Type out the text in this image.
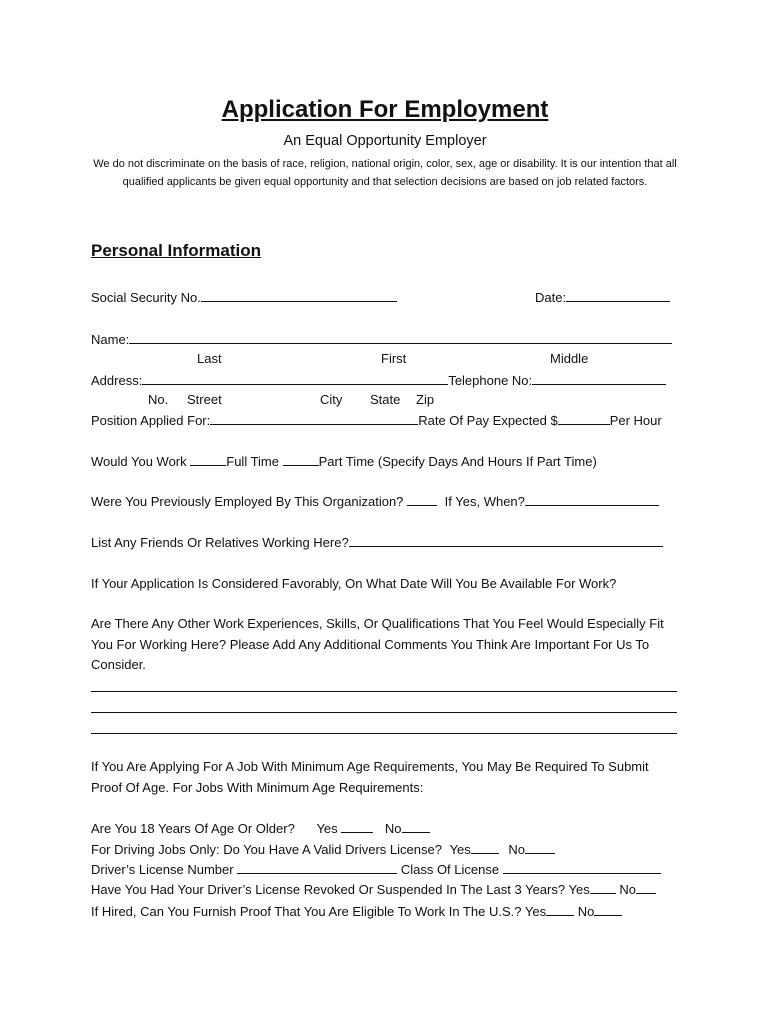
Application For Employment
An Equal Opportunity Employer
We do not discriminate on the basis of race, religion, national origin, color, sex, age or disability. It is our intention that all qualified applicants be given equal opportunity and that selection decisions are based on job related factors.
Personal Information
Social Security No.	Date:
Name:
Last	First	Middle
Address:	Telephone No:
No. Street	City State Zip
Position Applied For:	Rate Of Pay Expected $	Per Hour
Would You Work	Full Time	Part Time (Specify Days And Hours If Part Time)
Were You Previously Employed By This Organization?	If Yes, When?
List Any Friends Or Relatives Working Here?
If Your Application Is Considered Favorably, On What Date Will You Be Available For Work?
Are There Any Other Work Experiences, Skills, Or Qualifications That You Feel Would Especially Fit You For Working Here? Please Add Any Additional Comments You Think Are Important For Us To Consider.
If You Are Applying For A Job With Minimum Age Requirements, You May Be Required To Submit Proof Of Age. For Jobs With Minimum Age Requirements:
Are You 18 Years Of Age Or Older? Yes	No
For Driving Jobs Only: Do You Have A Valid Drivers License? Yes	No
Driver’s License Number	Class Of License
Have You Had Your Driver’s License Revoked Or Suspended In The Last 3 Years? Yes No
If Hired, Can You Furnish Proof That You Are Eligible To Work In The U.S.? Yes No
